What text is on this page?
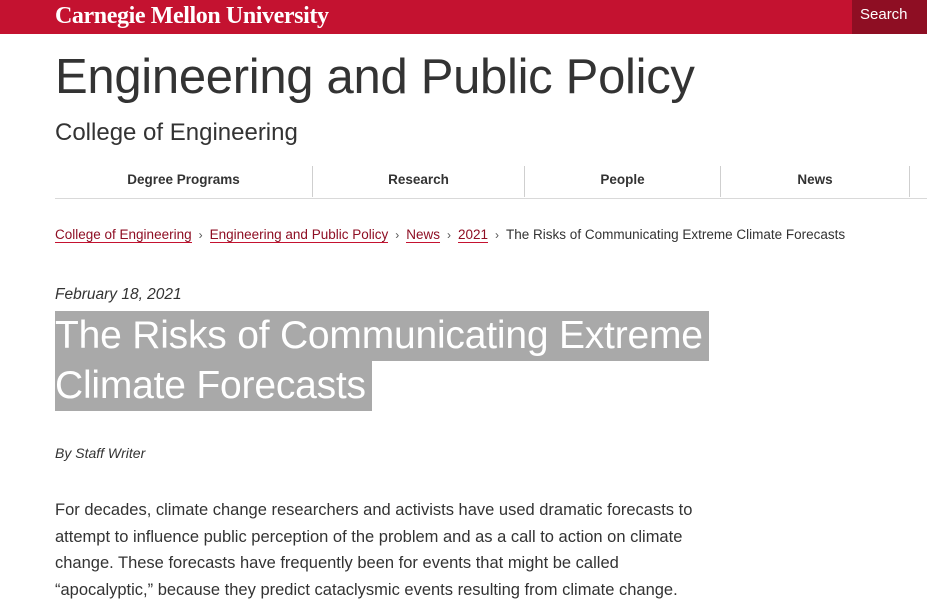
Carnegie Mellon University	Search
Engineering and Public Policy
College of Engineering
Degree Programs	Research	People	News
College of Engineering › Engineering and Public Policy › News › 2021 › The Risks of Communicating Extreme Climate Forecasts
February 18, 2021
The Risks of Communicating Extreme
Climate Forecasts
By Staff Writer

For decades, climate change researchers and activists have used dramatic forecasts to attempt to influence public perception of the problem and as a call to action on climate change. These forecasts have frequently been for events that might be called “apocalyptic,” because they predict cataclysmic events resulting from climate change.
